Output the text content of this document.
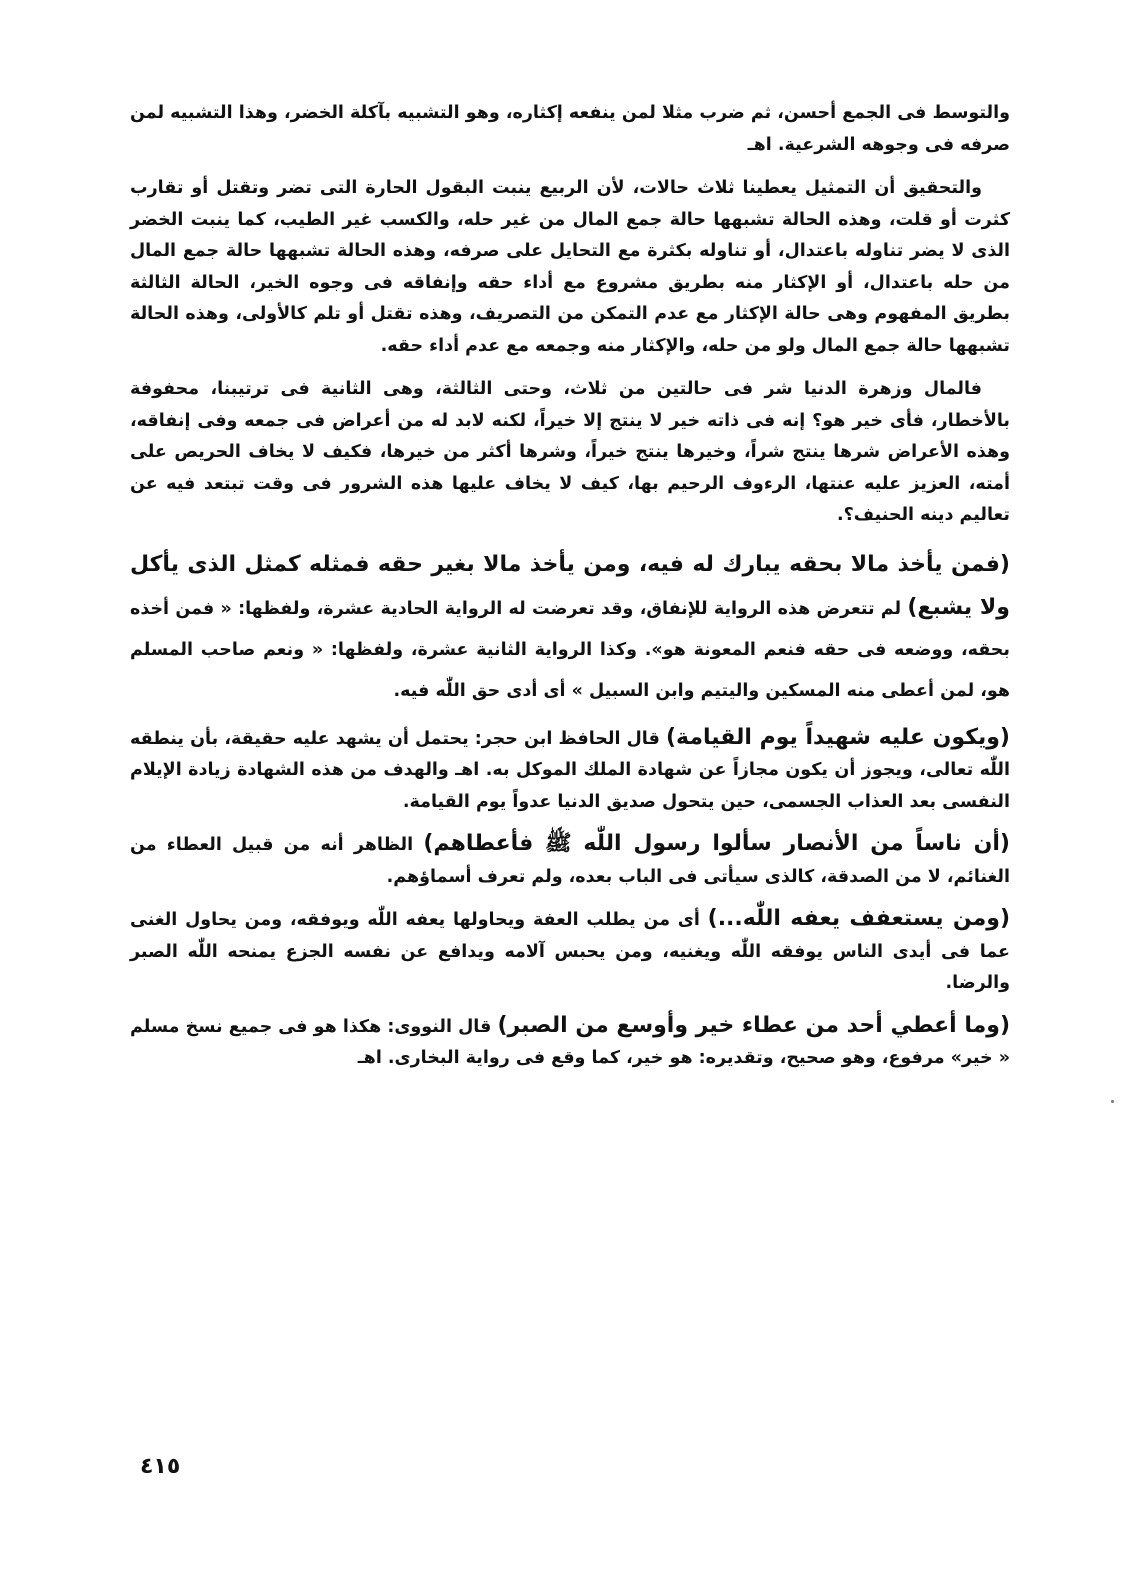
والتوسط فى الجمع أحسن، ثم ضرب مثلا لمن ينفعه إكثاره، وهو التشبيه بآكلة الخضر، وهذا التشبيه لمن صرفه فى وجوهه الشرعية. اهـ

والتحقيق أن التمثيل يعطينا ثلاث حالات، لأن الربيع ينبت البقول الحارة التى تضر وتقتل أو تقارب كثرت أو قلت، وهذه الحالة تشبهها حالة جمع المال من غير حله، والكسب غير الطيب، كما ينبت الخضر الذى لا يضر تناوله باعتدال، أو تناوله بكثرة مع التحايل على صرفه، وهذه الحالة تشبهها حالة جمع المال من حله باعتدال، أو الإكثار منه بطريق مشروع مع أداء حقه وإنفاقه فى وجوه الخير، الحالة الثالثة بطريق المفهوم وهى حالة الإكثار مع عدم التمكن من التصريف، وهذه تقتل أو تلم كالأولى، وهذه الحالة تشبهها حالة جمع المال ولو من حله، والإكثار منه وجمعه مع عدم أداء حقه.

فالمال وزهرة الدنيا شر فى حالتين من ثلاث، وحتى الثالثة، وهى الثانية فى ترتيبنا، محفوفة بالأخطار، فأى خير هو؟ إنه فى ذاته خير لا ينتج إلا خيراً، لكنه لابد له من أعراض فى جمعه وفى إنفاقه، وهذه الأعراض شرها ينتج شراً، وخيرها ينتج خيراً، وشرها أكثر من خيرها، فكيف لا يخاف الحريص على أمته، العزيز عليه عنتها، الرءوف الرحيم بها، كيف لا يخاف عليها هذه الشرور فى وقت تبتعد فيه عن تعاليم دينه الحنيف؟.

(فمن يأخذ مالا بحقه يبارك له فيه، ومن يأخذ مالا بغير حقه فمثله كمثل الذى يأكل ولا يشبع) لم تتعرض هذه الرواية للإنفاق، وقد تعرضت له الرواية الحادية عشرة، ولفظها: « فمن أخذه بحقه، ووضعه فى حقه فنعم المعونة هو». وكذا الرواية الثانية عشرة، ولفظها: « ونعم صاحب المسلم هو، لمن أعطى منه المسكين واليتيم وابن السبيل » أى أدى حق اللّٰه فيه.

(ويكون عليه شهيداً يوم القيامة) قال الحافظ ابن حجر: يحتمل أن يشهد عليه حقيقة، بأن ينطقه اللّٰه تعالى، ويجوز أن يكون مجازاً عن شهادة الملك الموكل به. اهـ والهدف من هذه الشهادة زيادة الإيلام النفسى بعد العذاب الجسمى، حين يتحول صديق الدنيا عدواً يوم القيامة.

(أن ناساً من الأنصار سألوا رسول اللّٰه ﷺ فأعطاهم) الظاهر أنه من قبيل العطاء من الغنائم، لا من الصدقة، كالذى سيأتى فى الباب بعده، ولم تعرف أسماؤهم.

(ومن يستعفف يعفه اللّٰه...) أى من يطلب العفة ويحاولها يعفه اللّٰه ويوفقه، ومن يحاول الغنى عما فى أيدى الناس يوفقه اللّٰه ويغنيه، ومن يحبس آلامه ويدافع عن نفسه الجزع يمنحه اللّٰه الصبر والرضا.

(وما أعطي أحد من عطاء خير وأوسع من الصبر) قال النووى: هكذا هو فى جميع نسخ مسلم « خير» مرفوع، وهو صحيح، وتقديره: هو خير، كما وقع فى رواية البخارى. اهـ

٤١٥
